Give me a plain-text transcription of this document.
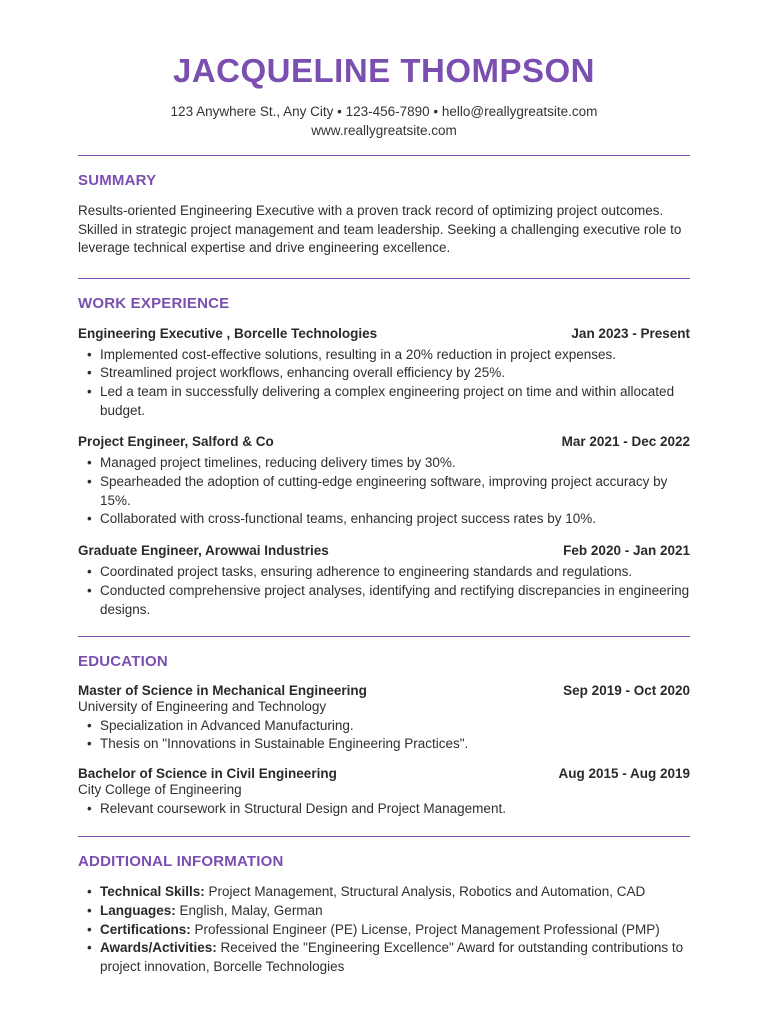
JACQUELINE THOMPSON
123 Anywhere St., Any City • 123-456-7890 • hello@reallygreatsite.com
www.reallygreatsite.com
SUMMARY
Results-oriented Engineering Executive with a proven track record of optimizing project outcomes. Skilled in strategic project management and team leadership. Seeking a challenging executive role to leverage technical expertise and drive engineering excellence.
WORK EXPERIENCE
Engineering Executive , Borcelle Technologies	Jan 2023 - Present
• Implemented cost-effective solutions, resulting in a 20% reduction in project expenses.
• Streamlined project workflows, enhancing overall efficiency by 25%.
• Led a team in successfully delivering a complex engineering project on time and within allocated budget.
Project Engineer, Salford & Co	Mar 2021 - Dec 2022
• Managed project timelines, reducing delivery times by 30%.
• Spearheaded the adoption of cutting-edge engineering software, improving project accuracy by 15%.
• Collaborated with cross-functional teams, enhancing project success rates by 10%.
Graduate Engineer, Arowwai Industries	Feb 2020 - Jan 2021
• Coordinated project tasks, ensuring adherence to engineering standards and regulations.
• Conducted comprehensive project analyses, identifying and rectifying discrepancies in engineering designs.
EDUCATION
Master of Science in Mechanical Engineering	Sep 2019 - Oct 2020
University of Engineering and Technology
• Specialization in Advanced Manufacturing.
• Thesis on "Innovations in Sustainable Engineering Practices".
Bachelor of Science in Civil Engineering	Aug 2015 - Aug 2019
City College of Engineering
• Relevant coursework in Structural Design and Project Management.
ADDITIONAL INFORMATION
• Technical Skills: Project Management, Structural Analysis, Robotics and Automation, CAD
• Languages: English, Malay, German
• Certifications: Professional Engineer (PE) License, Project Management Professional (PMP)
• Awards/Activities: Received the "Engineering Excellence" Award for outstanding contributions to project innovation, Borcelle Technologies
